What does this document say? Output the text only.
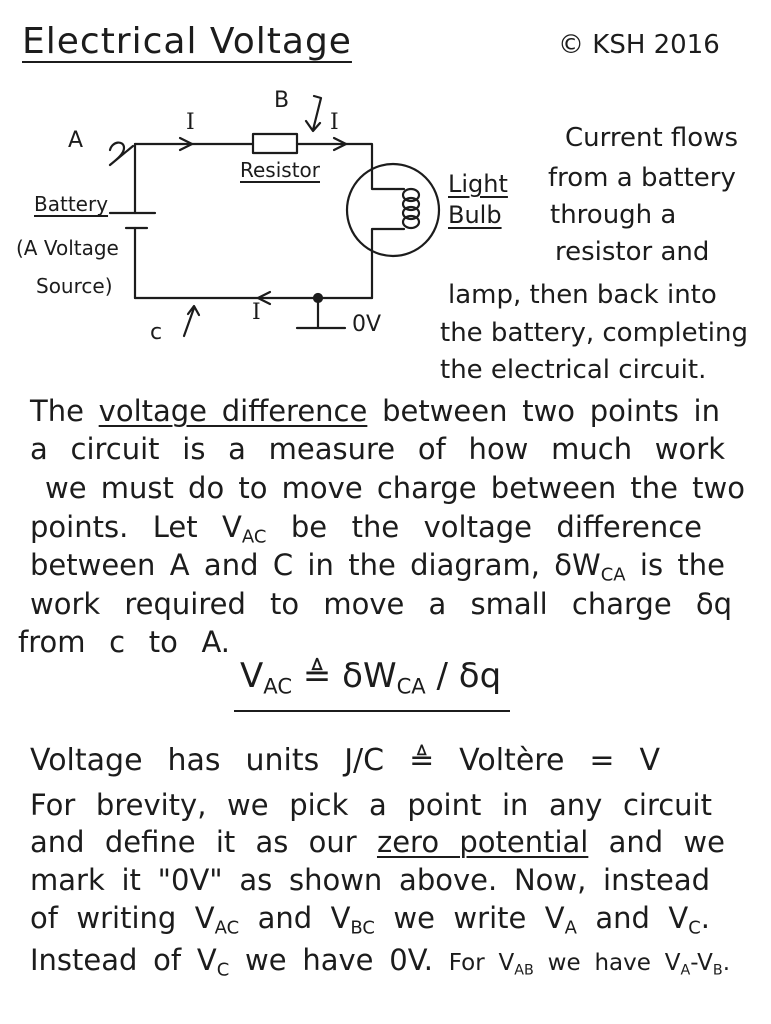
Electrical Voltage	© KSH 2016
A
B
c
I	I
I
Resistor
Battery
(A Voltage
Source)
Light
Bulb
0V
Current flows
from a battery
through a
resistor and
lamp, then back into
the battery, completing
the electrical circuit.
The voltage difference between two points in
a circuit is a measure of how much work
we must do to move charge between the two
points. Let $V_{AC}$ be the voltage difference
between A and C in the diagram, $\delta W_{CA}$ is the
work required to move a small charge δq
from c to A.
$V_{AC}$ ≜ $\delta W_{CA}$ / δq
Voltage has units J/C ≜ Voltère = V
For brevity, we pick a point in any circuit
and define it as our zero potential and we
mark it "0V" as shown above. Now, instead
of writing $V_{AC}$ and $V_{BC}$ we write $V_A$ and $V_C$.
Instead of $V_C$ we have 0V. For $V_{AB}$ we have $V_A-V_B$.
